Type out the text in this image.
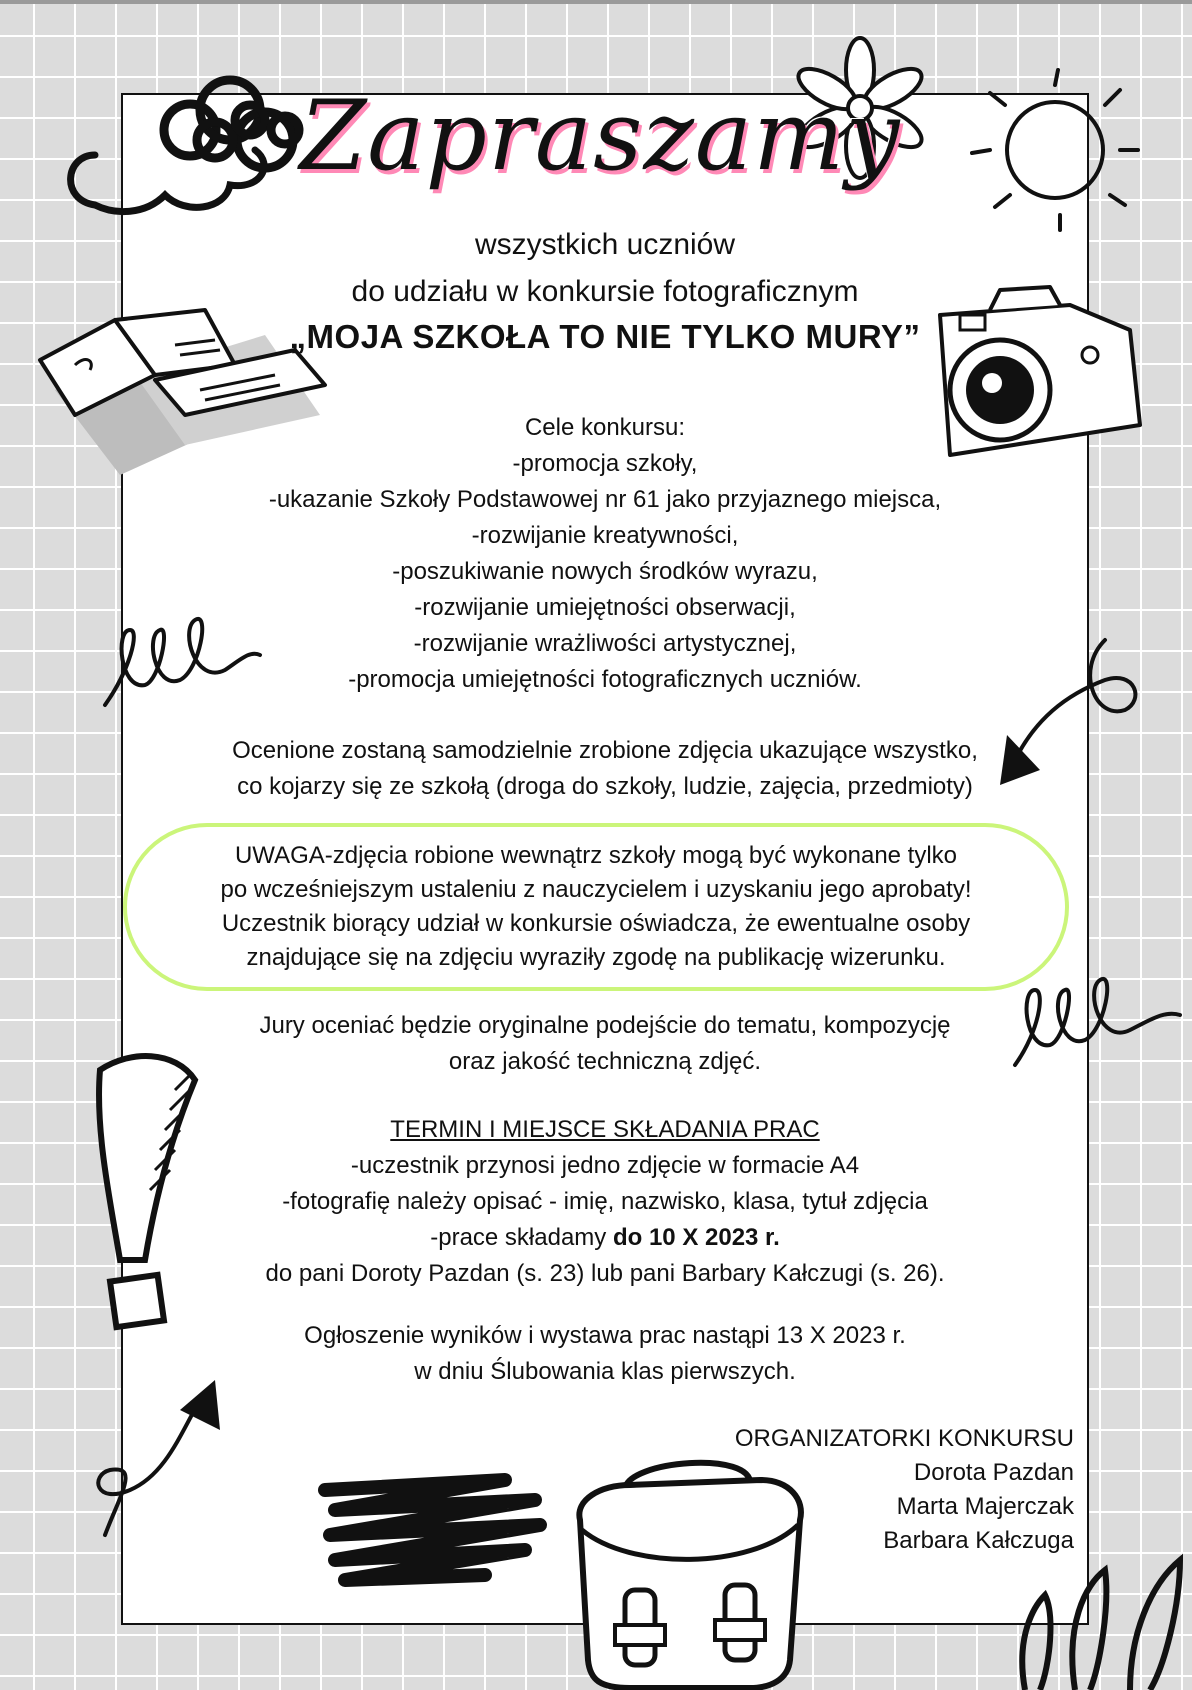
Zapraszamy
wszystkich uczniów
do udziału w konkursie fotograficznym
„MOJA SZKOŁA TO NIE TYLKO MURY”
Cele konkursu:
-promocja szkoły,
-ukazanie Szkoły Podstawowej nr 61 jako przyjaznego miejsca,
-rozwijanie kreatywności,
-poszukiwanie nowych środków wyrazu,
-rozwijanie umiejętności obserwacji,
-rozwijanie wrażliwości artystycznej,
-promocja umiejętności fotograficznych uczniów.
Ocenione zostaną samodzielnie zrobione zdjęcia ukazujące wszystko,
co kojarzy się ze szkołą (droga do szkoły, ludzie, zajęcia, przedmioty)
UWAGA-zdjęcia robione wewnątrz szkoły mogą być wykonane tylko
po wcześniejszym ustaleniu z nauczycielem i uzyskaniu jego aprobaty!
Uczestnik biorący udział w konkursie oświadcza, że ewentualne osoby
znajdujące się na zdjęciu wyraziły zgodę na publikację wizerunku.
Jury oceniać będzie oryginalne podejście do tematu, kompozycję
oraz jakość techniczną zdjęć.
TERMIN I MIEJSCE SKŁADANIA PRAC
-uczestnik przynosi jedno zdjęcie w formacie A4
-fotografię należy opisać - imię, nazwisko, klasa, tytuł zdjęcia
-prace składamy do 10 X 2023 r.
do pani Doroty Pazdan (s. 23) lub pani Barbary Kałczugi (s. 26).
Ogłoszenie wyników i wystawa prac nastąpi 13 X 2023 r.
w dniu Ślubowania klas pierwszych.
ORGANIZATORKI KONKURSU
Dorota Pazdan
Marta Majerczak
Barbara Kałczuga
